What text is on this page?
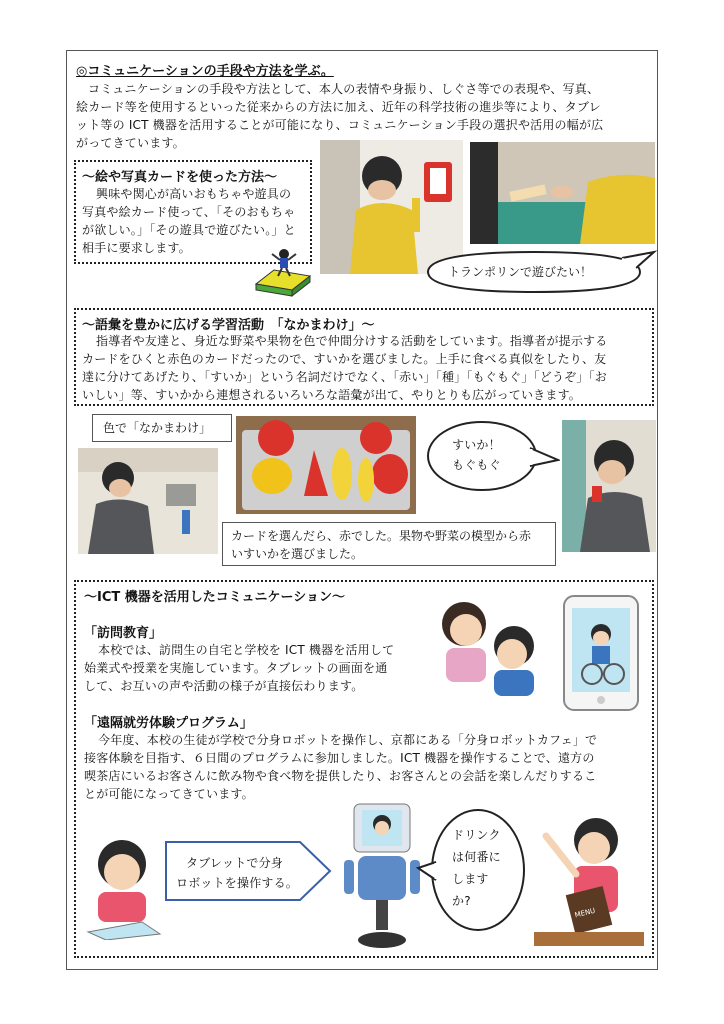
◎コミュニケーションの手段や方法を学ぶ。
コミュニケーションの手段や方法として、本人の表情や身振り、しぐさ等での表現や、写真、
絵カード等を使用するといった従来からの方法に加え、近年の科学技術の進歩等により、タブレ
ット等の ICT 機器を活用することが可能になり、コミュニケーション手段の選択や活用の幅が広
がってきています。
～絵や写真カードを使った方法～
興味や関心が高いおもちゃや遊具の
写真や絵カード使って、「そのおもちゃ
が欲しい。」「その遊具で遊びたい。」と
相手に要求します。
トランポリンで遊びたい！
～語彙を豊かに広げる学習活動　「なかまわけ」～
指導者や友達と、身近な野菜や果物を色で仲間分けする活動をしています。指導者が提示する
カードをひくと赤色のカードだったので、すいかを選びました。上手に食べる真似をしたり、友
達に分けてあげたり、「すいか」という名詞だけでなく、「赤い」「種」「もぐもぐ」「どうぞ」「お
いしい」等、すいかから連想されるいろいろな語彙が出て、やりとりも広がっていきます。
色で「なかまわけ」
すいか！
もぐもぐ
カードを選んだら、赤でした。果物や野菜の模型から赤
いすいかを選びました。
～ICT 機器を活用したコミュニケーション～
「訪問教育」
本校では、訪問生の自宅と学校を ICT 機器を活用して
始業式や授業を実施しています。タブレットの画面を通
して、お互いの声や活動の様子が直接伝わります。
「遠隔就労体験プログラム」
今年度、本校の生徒が学校で分身ロボットを操作し、京都にある「分身ロボットカフェ」で
接客体験を目指す、６日間のプログラムに参加しました。ICT 機器を操作することで、遠方の
喫茶店にいるお客さんに飲み物や食べ物を提供したり、お客さんとの会話を楽しんだりするこ
とが可能になってきています。
タブレットで分身
ロボットを操作する。
ドリンク
は何番に
します
か?
MENU
